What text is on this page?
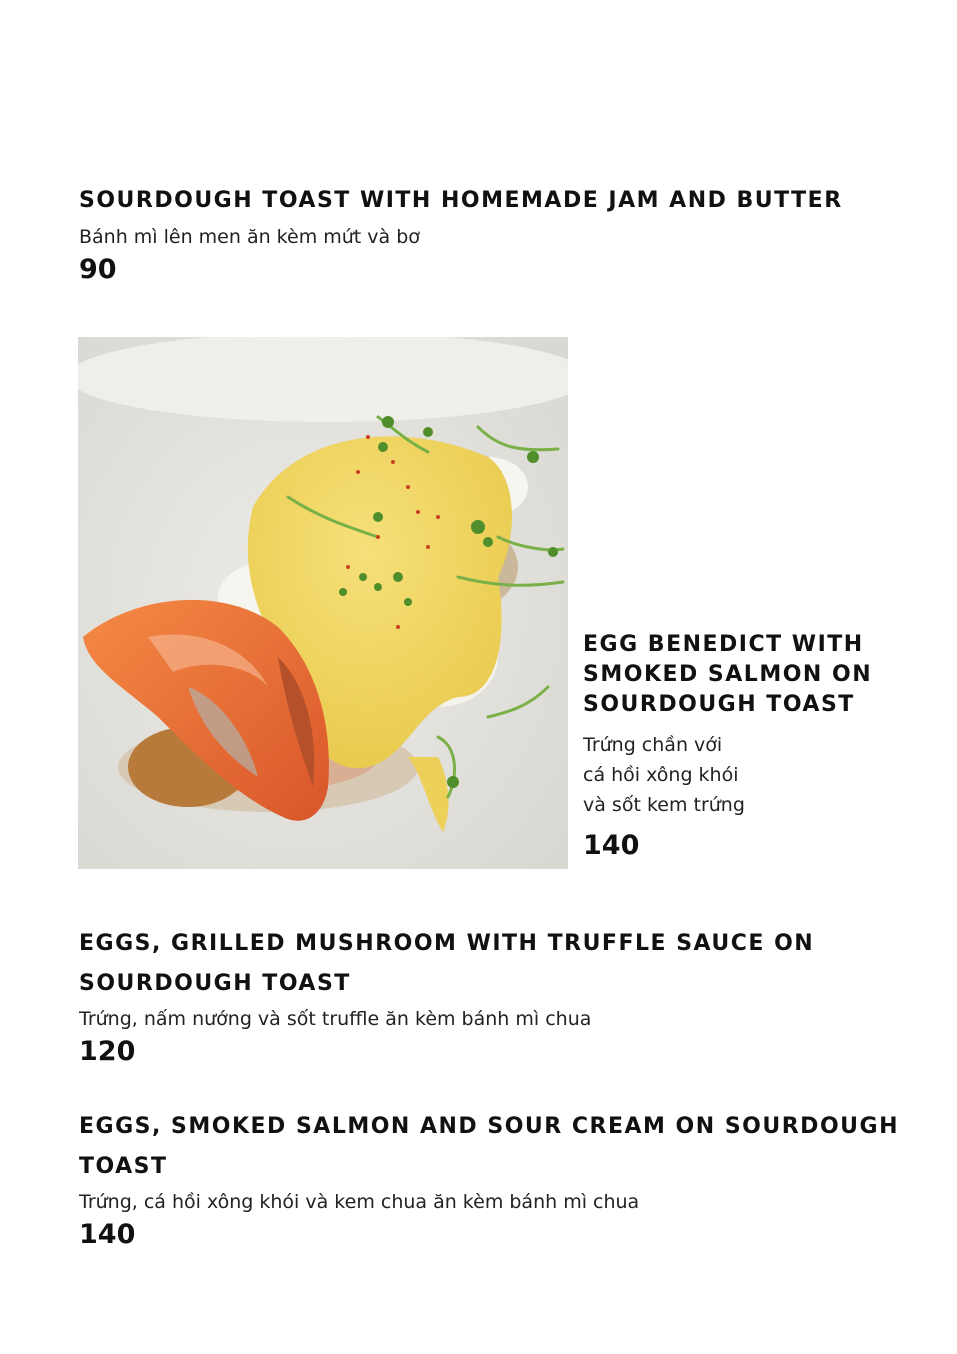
SOURDOUGH TOAST WITH HOMEMADE JAM AND BUTTER

Bánh mì lên men ăn kèm mứt và bơ

90

EGG BENEDICT WITH SMOKED SALMON ON SOURDOUGH TOAST

Trứng chần với
cá hồi xông khói
và sốt kem trứng

140

EGGS, GRILLED MUSHROOM WITH TRUFFLE SAUCE ON SOURDOUGH TOAST

Trứng, nấm nướng và sốt truffle ăn kèm bánh mì chua

120

EGGS, SMOKED SALMON AND SOUR CREAM ON SOURDOUGH TOAST

Trứng, cá hồi xông khói và kem chua ăn kèm bánh mì chua

140
